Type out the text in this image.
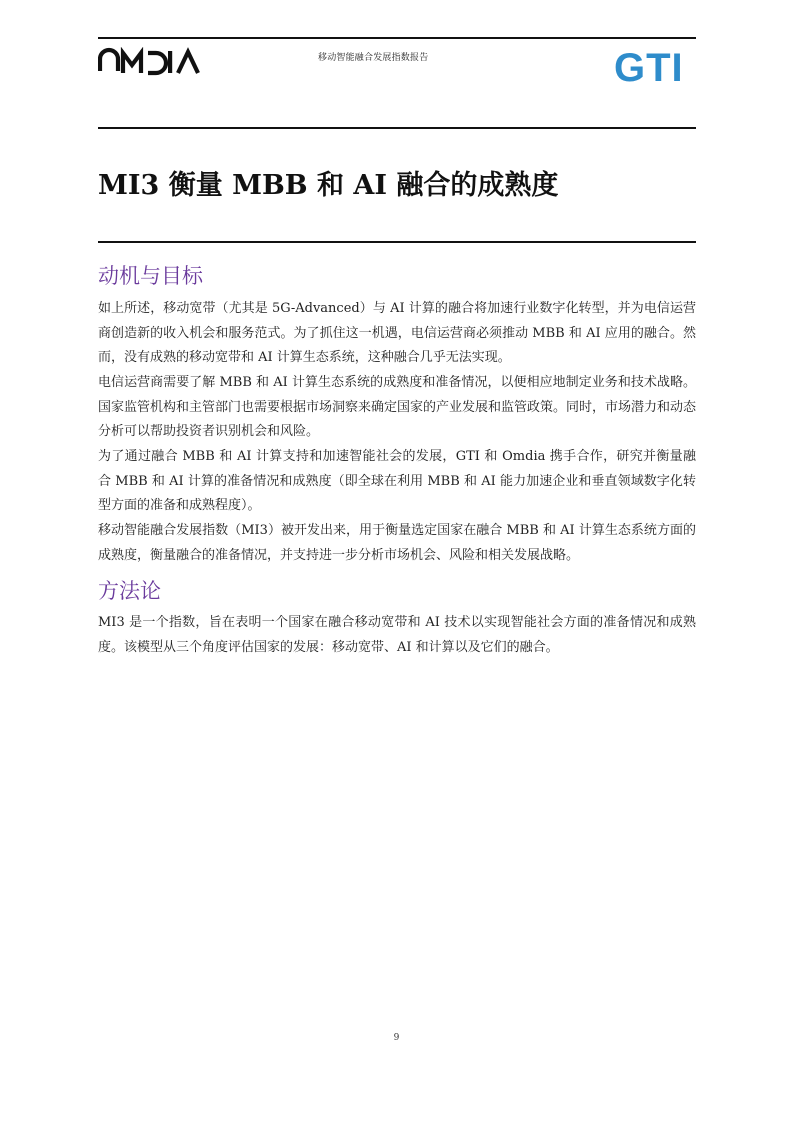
移动智能融合发展指数报告	GTI
MI3 衡量 MBB 和 AI 融合的成熟度
动机与目标

如上所述，移动宽带（尤其是 5G-Advanced）与 AI 计算的融合将加速行业数字化转型，并为电信运营商创造新的收入机会和服务范式。为了抓住这一机遇，电信运营商必须推动 MBB 和 AI 应用的融合。然而，没有成熟的移动宽带和 AI 计算生态系统，这种融合几乎无法实现。

电信运营商需要了解 MBB 和 AI 计算生态系统的成熟度和准备情况，以便相应地制定业务和技术战略。国家监管机构和主管部门也需要根据市场洞察来确定国家的产业发展和监管政策。同时，市场潜力和动态分析可以帮助投资者识别机会和风险。

为了通过融合 MBB 和 AI 计算支持和加速智能社会的发展，GTI 和 Omdia 携手合作，研究并衡量融合 MBB 和 AI 计算的准备情况和成熟度（即全球在利用 MBB 和 AI 能力加速企业和垂直领域数字化转型方面的准备和成熟程度）。

移动智能融合发展指数（MI3）被开发出来，用于衡量选定国家在融合 MBB 和 AI 计算生态系统方面的成熟度，衡量融合的准备情况，并支持进一步分析市场机会、风险和相关发展战略。

方法论

MI3 是一个指数，旨在表明一个国家在融合移动宽带和 AI 技术以实现智能社会方面的准备情况和成熟度。该模型从三个角度评估国家的发展：移动宽带、AI 和计算以及它们的融合。

9
